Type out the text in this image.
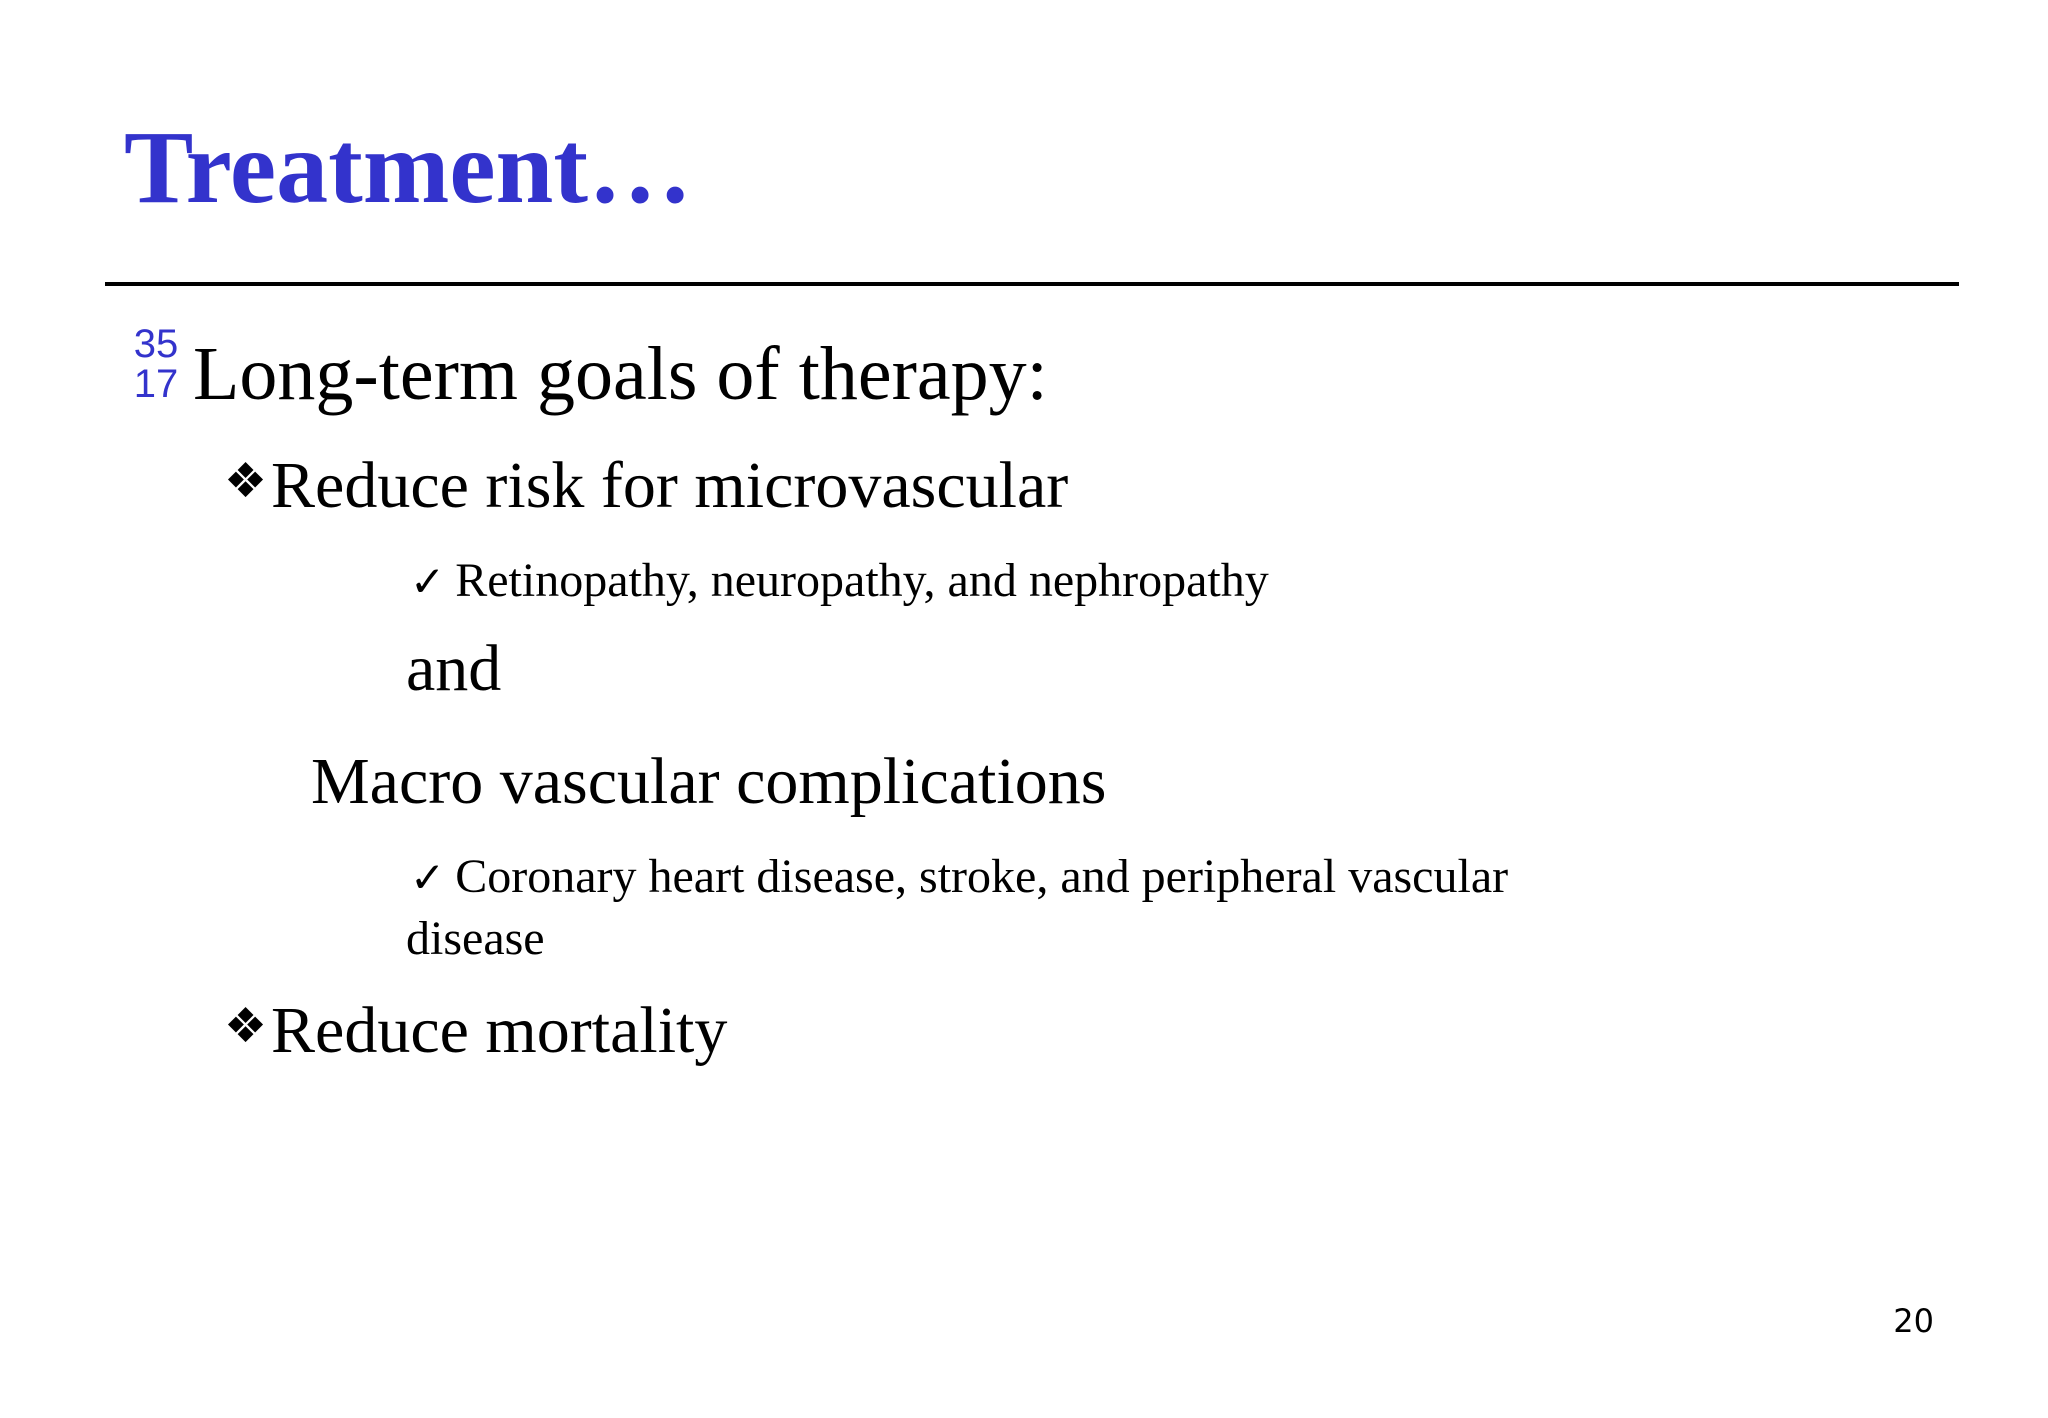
Treatment…
35
17 Long-term goals of therapy:
❖Reduce risk for microvascular
✓ Retinopathy, neuropathy, and nephropathy
and
Macro vascular complications
✓ Coronary heart disease, stroke, and peripheral vascular
disease
❖Reduce mortality
20
